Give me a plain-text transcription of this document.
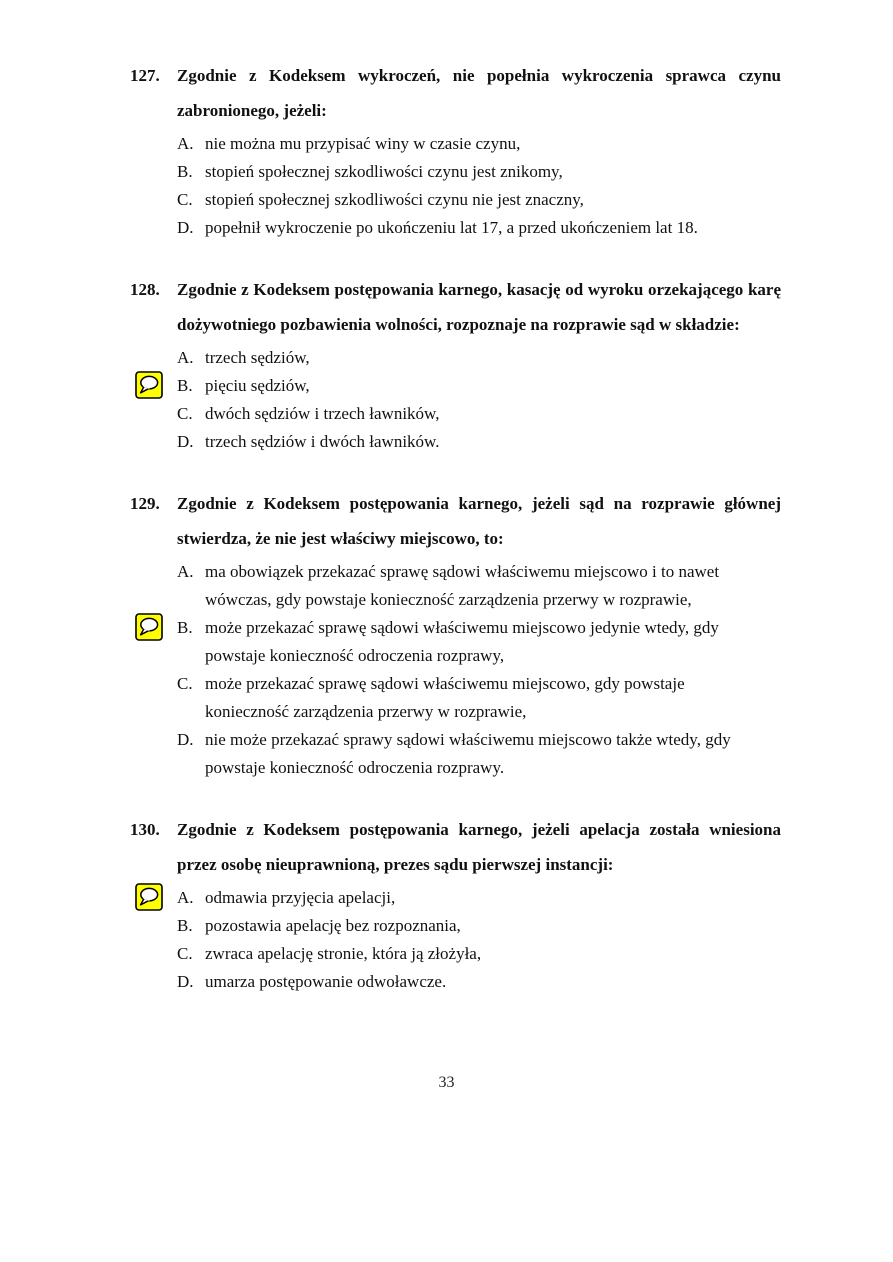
127.	Zgodnie z Kodeksem wykroczeń, nie popełnia wykroczenia sprawca czynu zabronionego, jeżeli:
A. nie można mu przypisać winy w czasie czynu,
B. stopień społecznej szkodliwości czynu jest znikomy,
C. stopień społecznej szkodliwości czynu nie jest znaczny,
D. popełnił wykroczenie po ukończeniu lat 17, a przed ukończeniem lat 18.
128.	Zgodnie z Kodeksem postępowania karnego, kasację od wyroku orzekającego karę dożywotniego pozbawienia wolności, rozpoznaje na rozprawie sąd w składzie:
A. trzech sędziów,
B. pięciu sędziów,
C. dwóch sędziów i trzech ławników,
D. trzech sędziów i dwóch ławników.
129.	Zgodnie z Kodeksem postępowania karnego, jeżeli sąd na rozprawie głównej stwierdza, że nie jest właściwy miejscowo, to:
A. ma obowiązek przekazać sprawę sądowi właściwemu miejscowo i to nawet wówczas, gdy powstaje konieczność zarządzenia przerwy w rozprawie,
B. może przekazać sprawę sądowi właściwemu miejscowo jedynie wtedy, gdy powstaje konieczność odroczenia rozprawy,
C. może przekazać sprawę sądowi właściwemu miejscowo, gdy powstaje konieczność zarządzenia przerwy w rozprawie,
D. nie może przekazać sprawy sądowi właściwemu miejscowo także wtedy, gdy powstaje konieczność odroczenia rozprawy.
130.	Zgodnie z Kodeksem postępowania karnego, jeżeli apelacja została wniesiona przez osobę nieuprawnioną, prezes sądu pierwszej instancji:
A. odmawia przyjęcia apelacji,
B. pozostawia apelację bez rozpoznania,
C. zwraca apelację stronie, która ją złożyła,
D. umarza postępowanie odwoławcze.
33
